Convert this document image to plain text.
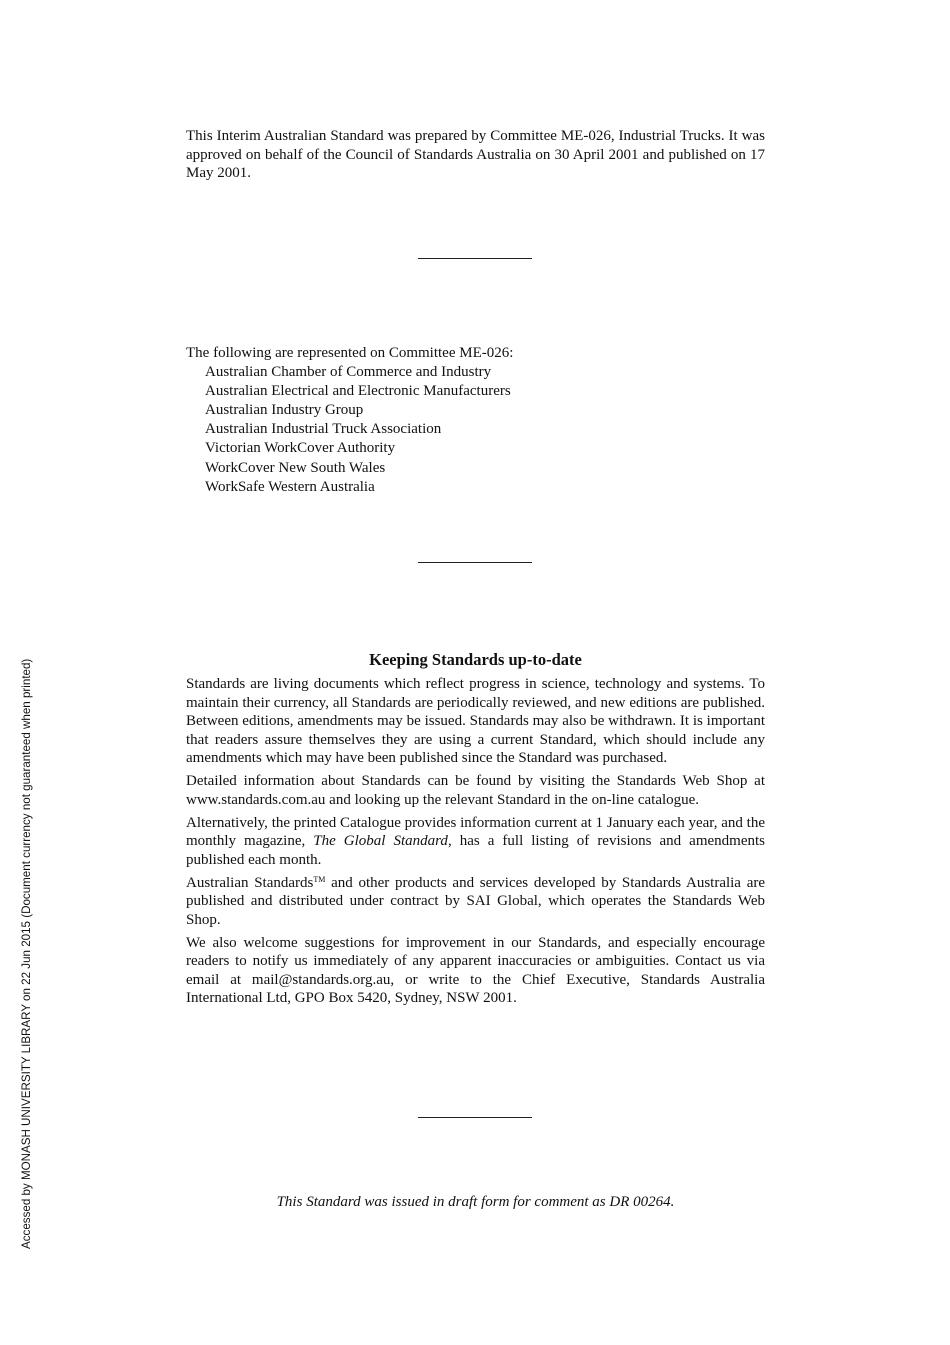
Accessed by MONASH UNIVERSITY LIBRARY on 22 Jun 2015 (Document currency not guaranteed when printed)

This Interim Australian Standard was prepared by Committee ME-026, Industrial Trucks. It was approved on behalf of the Council of Standards Australia on 30 April 2001 and published on 17 May 2001.

The following are represented on Committee ME-026:
Australian Chamber of Commerce and Industry
Australian Electrical and Electronic Manufacturers
Australian Industry Group
Australian Industrial Truck Association
Victorian WorkCover Authority
WorkCover New South Wales
WorkSafe Western Australia
Keeping Standards up-to-date

Standards are living documents which reflect progress in science, technology and systems. To maintain their currency, all Standards are periodically reviewed, and new editions are published. Between editions, amendments may be issued. Standards may also be withdrawn. It is important that readers assure themselves they are using a current Standard, which should include any amendments which may have been published since the Standard was purchased.

Detailed information about Standards can be found by visiting the Standards Web Shop at www.standards.com.au and looking up the relevant Standard in the on-line catalogue.

Alternatively, the printed Catalogue provides information current at 1 January each year, and the monthly magazine, The Global Standard, has a full listing of revisions and amendments published each month.

Australian Standards™ and other products and services developed by Standards Australia are published and distributed under contract by SAI Global, which operates the Standards Web Shop.

We also welcome suggestions for improvement in our Standards, and especially encourage readers to notify us immediately of any apparent inaccuracies or ambiguities. Contact us via email at mail@standards.org.au, or write to the Chief Executive, Standards Australia International Ltd, GPO Box 5420, Sydney, NSW 2001.

This Standard was issued in draft form for comment as DR 00264.
